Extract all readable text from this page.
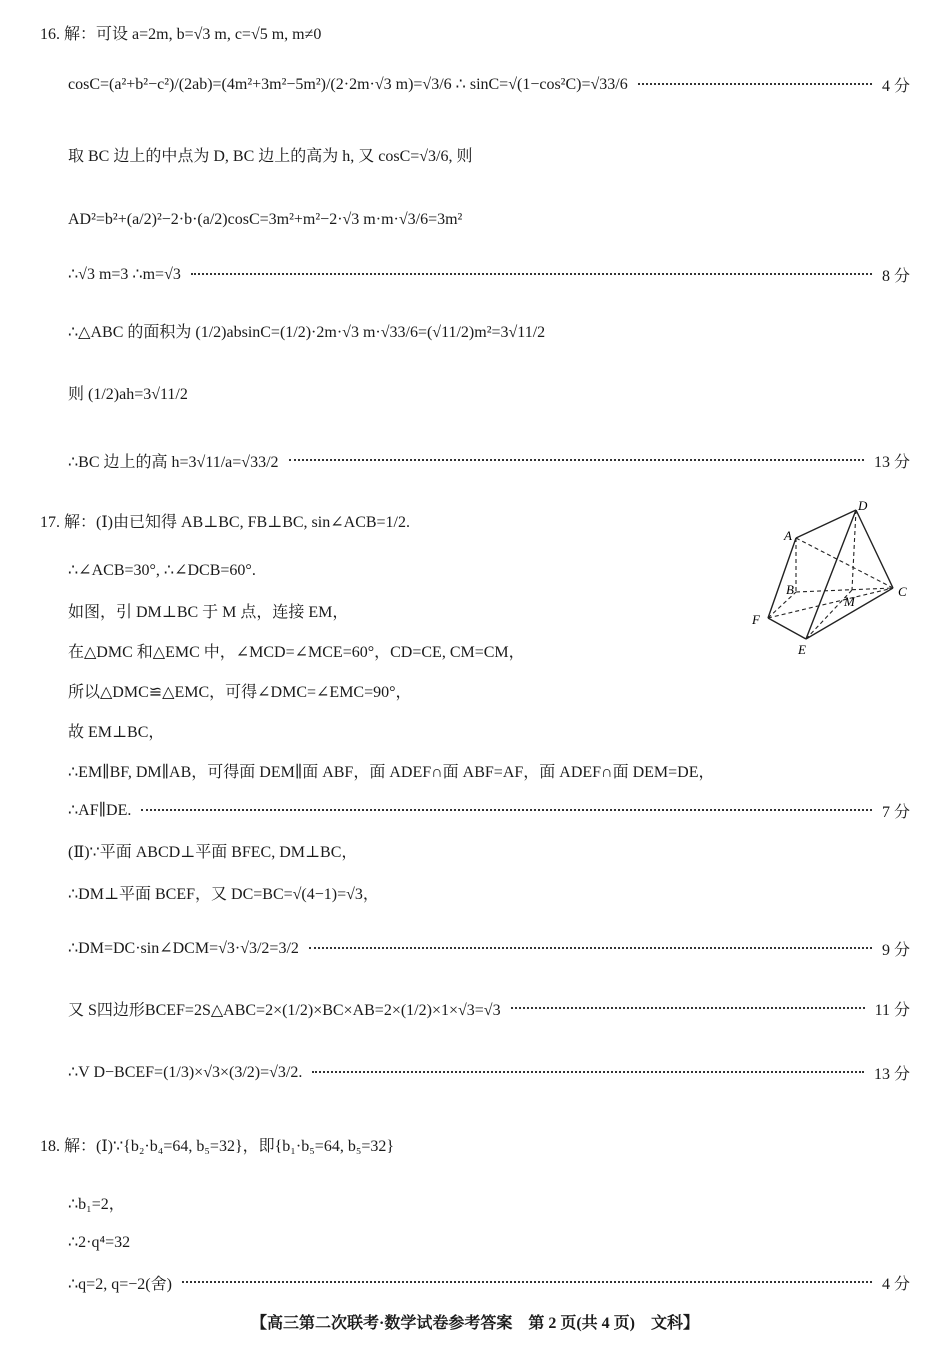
16. 解：可设 a=2m, b=√3 m, c=√5 m, m≠0
cosC=(a²+b²−c²)/(2ab)=(4m²+3m²−5m²)/(2·2m·√3 m)=√3/6 ∴ sinC=√(1−cos²C)=√33/6	4 分
取 BC 边上的中点为 D, BC 边上的高为 h, 又 cosC=√3/6, 则
AD²=b²+(a/2)²−2·b·(a/2)cosC=3m²+m²−2·√3 m·m·√3/6=3m²
∴√3 m=3 ∴m=√3	8 分
∴△ABC 的面积为 (1/2)absinC=(1/2)·2m·√3 m·√33/6=(√11/2)m²=3√11/2
则 (1/2)ah=3√11/2
∴BC 边上的高 h=3√11/a=√33/2	13 分
17. 解：(Ⅰ)由已知得 AB⊥BC, FB⊥BC, sin∠ACB=1/2.
∴∠ACB=30°, ∴∠DCB=60°.
如图，引 DM⊥BC 于 M 点，连接 EM，
在△DMC 和△EMC 中，∠MCD=∠MCE=60°，CD=CE, CM=CM，
所以△DMC≌△EMC，可得∠DMC=∠EMC=90°，
故 EM⊥BC，
∴EM∥BF, DM∥AB，可得面 DEM∥面 ABF，面 ADEF∩面 ABF=AF，面 ADEF∩面 DEM=DE，
∴AF∥DE.	7 分
(Ⅱ)∵平面 ABCD⊥平面 BFEC, DM⊥BC，
∴DM⊥平面 BCEF，又 DC=BC=√(4−1)=√3，
∴DM=DC·sin∠DCM=√3·√3/2=3/2	9 分
又 S四边形BCEF=2S△ABC=2×(1/2)×BC×AB=2×(1/2)×1×√3=√3	11 分
∴V D−BCEF=(1/3)×√3×(3/2)=√3/2.	13 分
18. 解：(Ⅰ)∵{b₂·b₄=64, b₅=32}，即{b₁·b₅=64, b₅=32}
∴b₁=2，
∴2·q⁴=32
∴q=2, q=−2(舍)	4 分
A
B	C
D
E
F
M
【高三第二次联考·数学试卷参考答案　第 2 页(共 4 页)　文科】
